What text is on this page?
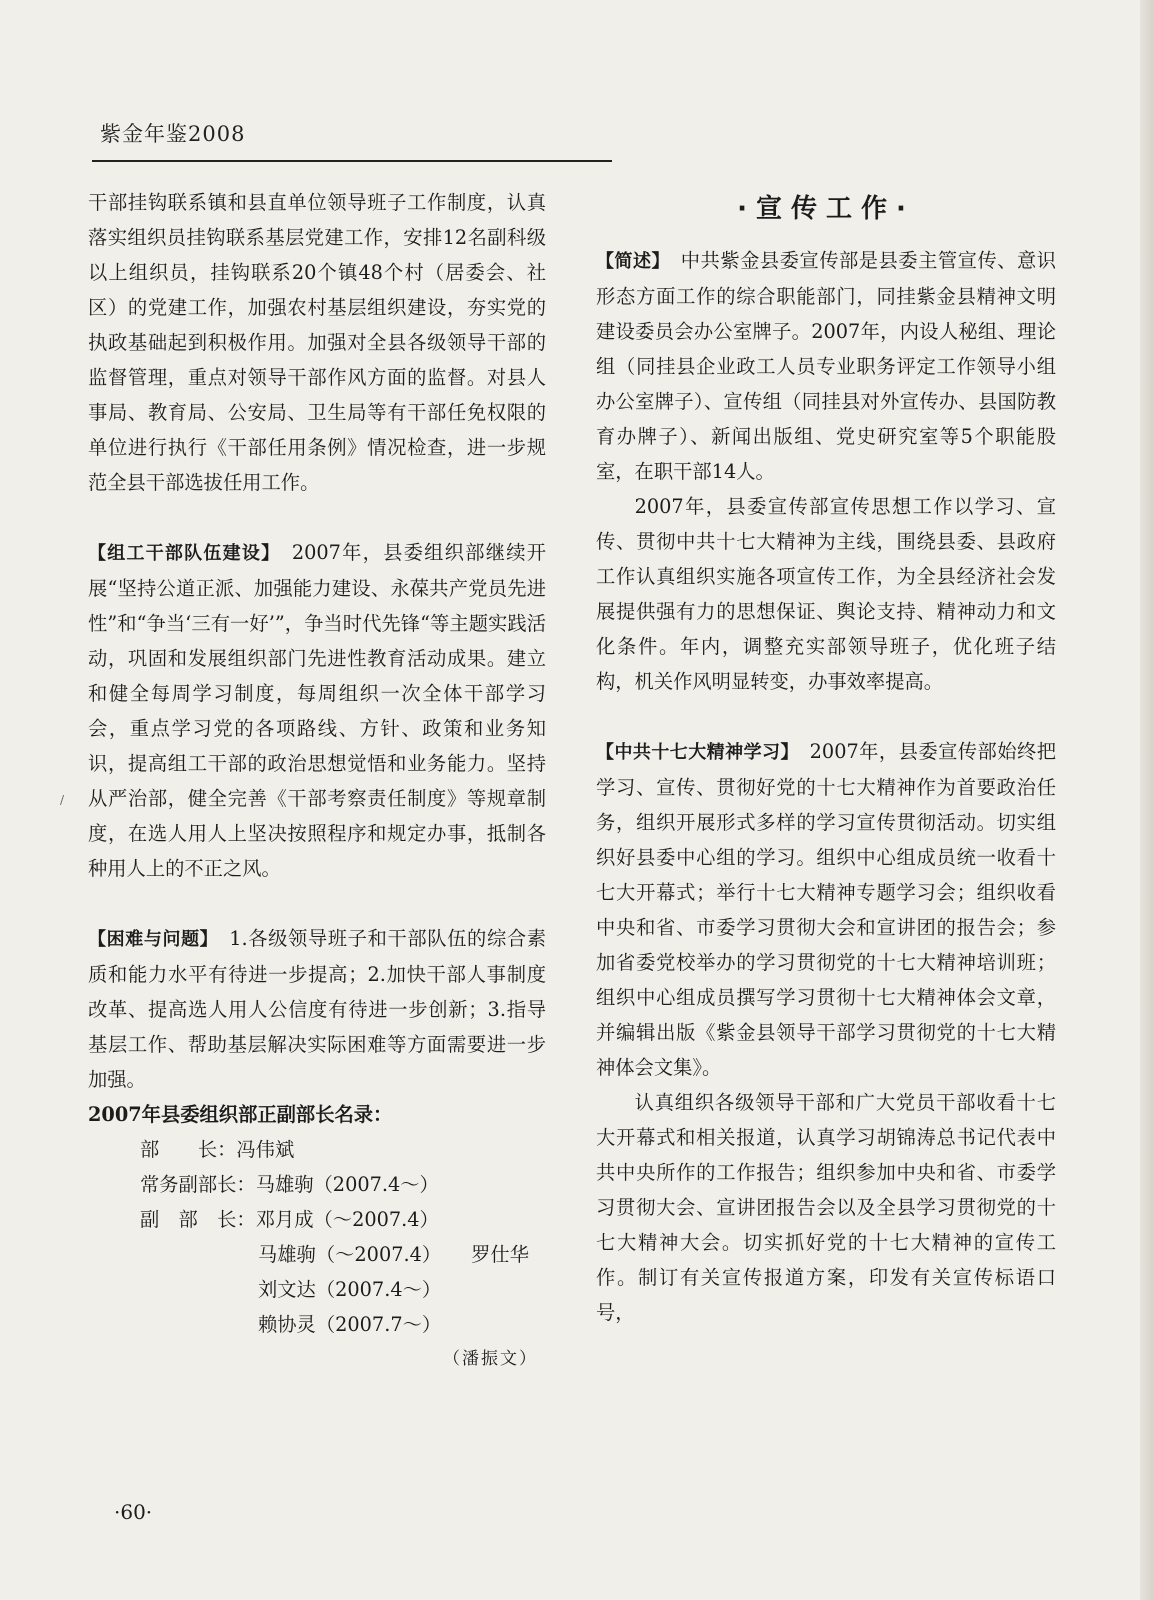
紫金年鉴2008
/

干部挂钩联系镇和县直单位领导班子工作制度，认真落实组织员挂钩联系基层党建工作，安排12名副科级以上组织员，挂钩联系20个镇48个村（居委会、社区）的党建工作，加强农村基层组织建设，夯实党的执政基础起到积极作用。加强对全县各级领导干部的监督管理，重点对领导干部作风方面的监督。对县人事局、教育局、公安局、卫生局等有干部任免权限的单位进行执行《干部任用条例》情况检查，进一步规范全县干部选拔任用工作。

【组工干部队伍建设】　 2007年，县委组织部继续开展“坚持公道正派、加强能力建设、永葆共产党员先进性”和“争当‘三有一好’”，争当时代先锋“等主题实践活动，巩固和发展组织部门先进性教育活动成果。建立和健全每周学习制度，每周组织一次全体干部学习会，重点学习党的各项路线、方针、政策和业务知识，提高组工干部的政治思想觉悟和业务能力。坚持从严治部，健全完善《干部考察责任制度》等规章制度，在选人用人上坚决按照程序和规定办事，抵制各种用人上的不正之风。

【困难与问题】　 1.各级领导班子和干部队伍的综合素质和能力水平有待进一步提高；2.加快干部人事制度改革、提高选人用人公信度有待进一步创新；3.指导基层工作、帮助基层解决实际困难等方面需要进一步加强。

2007年县委组织部正副部长名录：

部　　长：冯伟斌
常务副部长：马雄驹（2007.4～）
副　部　长：邓月成（～2007.4）
马雄驹（～2007.4） 罗仕华
刘文达（2007.4～）
赖协灵（2007.7～）

（潘振文）

·宣传工作·

【简述】　 中共紫金县委宣传部是县委主管宣传、意识形态方面工作的综合职能部门，同挂紫金县精神文明建设委员会办公室牌子。2007年，内设人秘组、理论组（同挂县企业政工人员专业职务评定工作领导小组办公室牌子）、宣传组（同挂县对外宣传办、县国防教育办牌子）、新闻出版组、党史研究室等5个职能股室，在职干部14人。

2007年，县委宣传部宣传思想工作以学习、宣传、贯彻中共十七大精神为主线，围绕县委、县政府工作认真组织实施各项宣传工作，为全县经济社会发展提供强有力的思想保证、舆论支持、精神动力和文化条件。年内，调整充实部领导班子，优化班子结构，机关作风明显转变，办事效率提高。

【中共十七大精神学习】　 2007年，县委宣传部始终把学习、宣传、贯彻好党的十七大精神作为首要政治任务，组织开展形式多样的学习宣传贯彻活动。切实组织好县委中心组的学习。组织中心组成员统一收看十七大开幕式；举行十七大精神专题学习会；组织收看中央和省、市委学习贯彻大会和宣讲团的报告会；参加省委党校举办的学习贯彻党的十七大精神培训班；组织中心组成员撰写学习贯彻十七大精神体会文章，并编辑出版《紫金县领导干部学习贯彻党的十七大精神体会文集》。

认真组织各级领导干部和广大党员干部收看十七大开幕式和相关报道，认真学习胡锦涛总书记代表中共中央所作的工作报告；组织参加中央和省、市委学习贯彻大会、宣讲团报告会以及全县学习贯彻党的十七大精神大会。切实抓好党的十七大精神的宣传工作。制订有关宣传报道方案，印发有关宣传标语口号，

·60·
